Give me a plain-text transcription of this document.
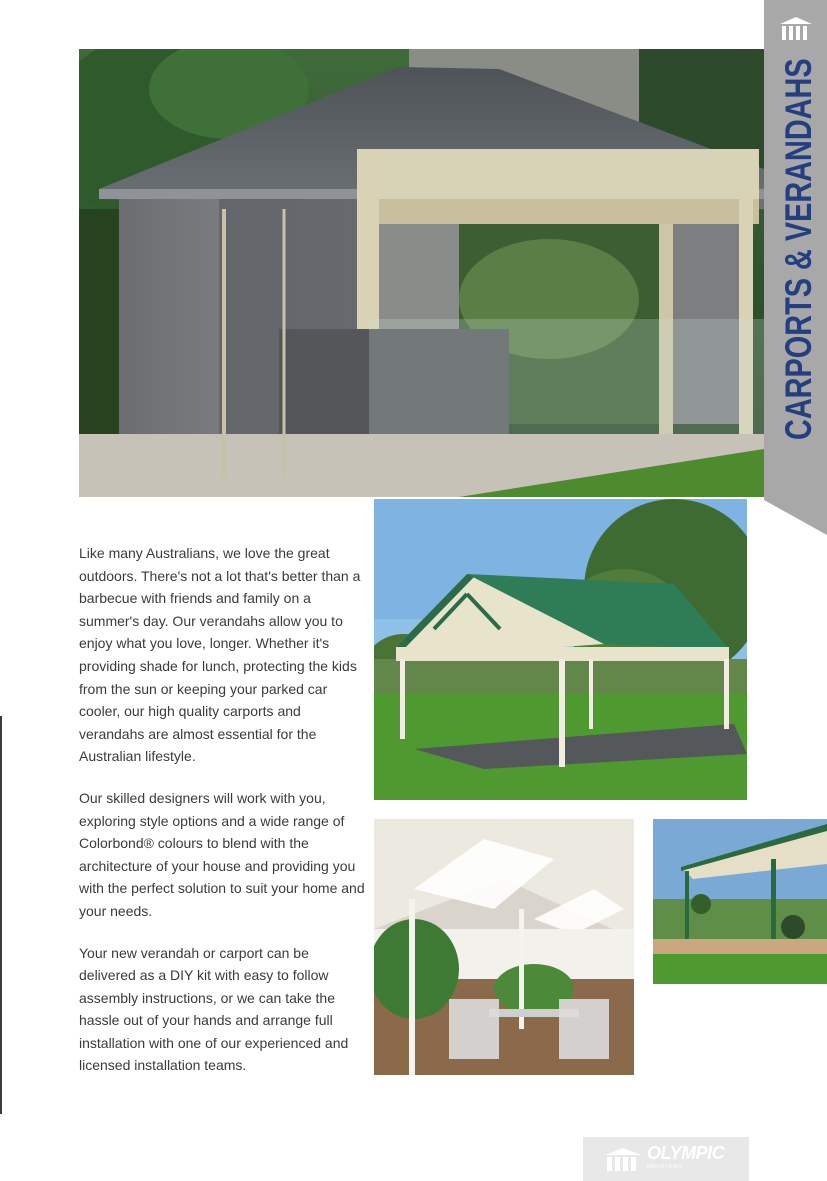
CARPORTS & VERANDAHS

Like many Australians, we love the great outdoors. There's not a lot that's better than a barbecue with friends and family on a summer's day. Our verandahs allow you to enjoy what you love, longer. Whether it's providing shade for lunch, protecting the kids from the sun or keeping your parked car cooler, our high quality carports and verandahs are almost essential for the Australian lifestyle.

Our skilled designers will work with you, exploring style options and a wide range of Colorbond® colours to blend with the architecture of your house and providing you with the perfect solution to suit your home and your needs.

Your new verandah or carport can be delivered as a DIY kit with easy to follow assembly instructions, or we can take the hassle out of your hands and arrange full installation with one of our experienced and licensed installation teams.

OLYMPIC
INDUSTRIES
